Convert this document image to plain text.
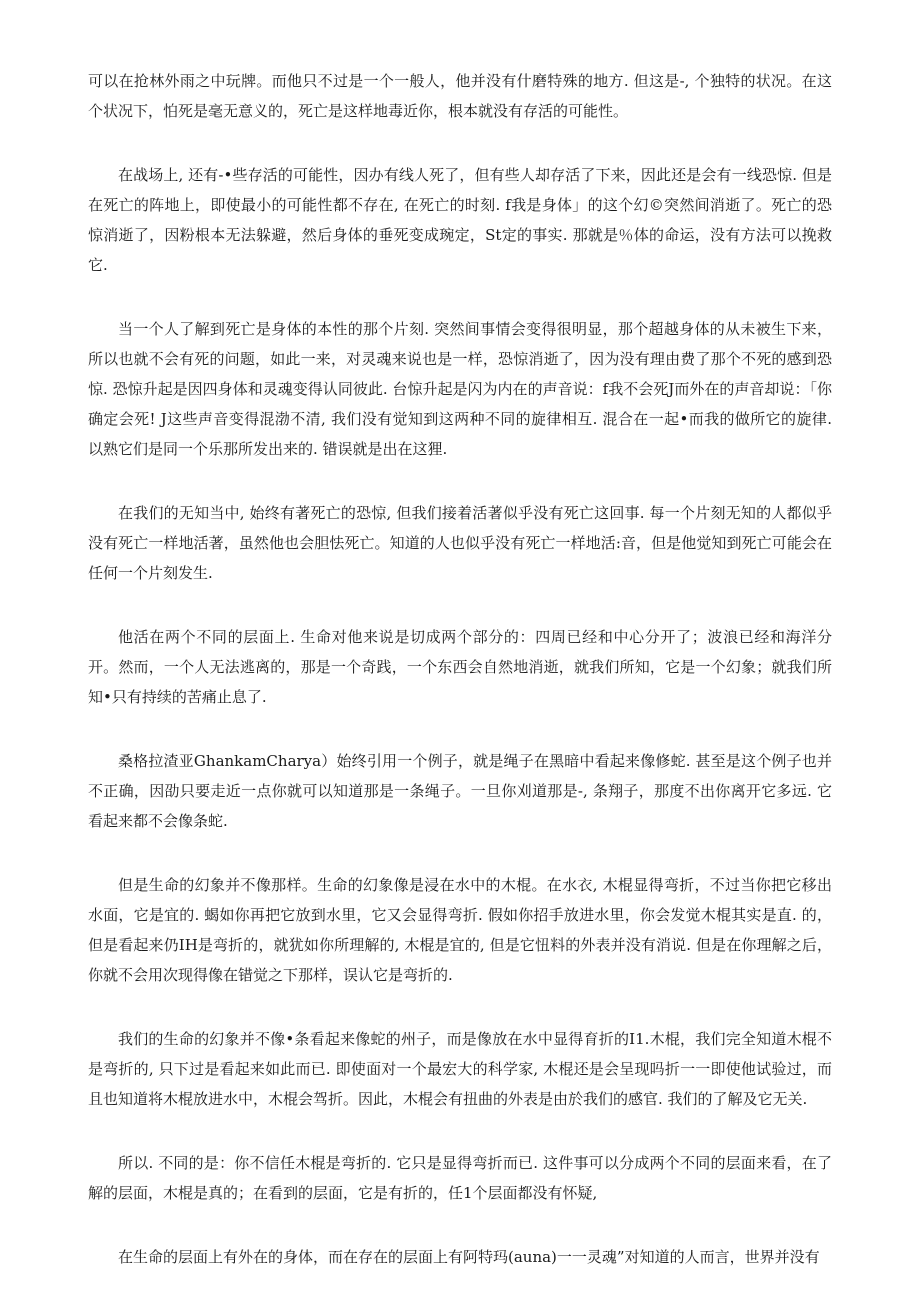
可以在抢林外雨之中玩牌。而他只不过是一个一般人，他并没有什磨特殊的地方. 但这是-, 个独特的状况。在这个状况下，怕死是毫无意义的，死亡是这样地毒近你，根本就没有存活的可能性。

在战场上, 还有-•些存活的可能性，因办有线人死了，但有些人却存活了下来，因此还是会有一线恐惊. 但是在死亡的阵地上，即使最小的可能性都不存在, 在死亡的时刻. f我是身体」的这个幻©突然间消逝了。死亡的恐惊消逝了，因粉根本无法躲避，然后身体的垂死变成琬定，St定的事实. 那就是％体的命运，没有方法可以挽救它.

当一个人了解到死亡是身体的本性的那个片刻. 突然间事情会变得很明显，那个超越身体的从未被生下来，所以也就不会有死的问题，如此一来，对灵魂来说也是一样，恐惊消逝了，因为没有理由费了那个不死的感到恐惊. 恐惊升起是因四身体和灵魂变得认同彼此. 台惊升起是闪为内在的声音说：f我不会死J而外在的声音却说：「你确定会死! J这些声音变得混渤不清, 我们没有觉知到这两种不同的旋律相互. 混合在一起•而我的做所它的旋律. 以熟它们是同一个乐那所发出来的. 错误就是出在这狸.

在我们的无知当中, 始终有著死亡的恐惊, 但我们接着活著似乎没有死亡这回事. 每一个片刻无知的人都似乎没有死亡一样地活著，虽然他也会胆怯死亡。知道的人也似乎没有死亡一样地活:音，但是他觉知到死亡可能会在任何一个片刻发生.

他活在两个不同的层面上. 生命对他来说是切成两个部分的：四周已经和中心分开了；波浪已经和海洋分开。然而，一个人无法逃离的，那是一个奇践，一个东西会自然地消逝，就我们所知，它是一个幻象；就我们所知•只有持续的苦痛止息了.

桑格拉渣亚GhankamCharya）始终引用一个例子，就是绳子在黑暗中看起来像修蛇. 甚至是这个例子也并不正确，因劭只要走近一点你就可以知道那是一条绳子。一旦你刈道那是-, 条翔子，那度不出你离开它多远. 它看起来都不会像条蛇.

但是生命的幻象并不像那样。生命的幻象像是浸在水中的木棍。在水衣, 木棍显得弯折，不过当你把它移出水面，它是宜的. 蝎如你再把它放到水里，它又会显得弯折. 假如你招手放进水里，你会发觉木棍其实是直. 的，但是看起来仍IH是弯折的，就犹如你所理解的, 木棍是宜的, 但是它忸料的外表并没有消说. 但是在你理解之后，你就不会用次现得像在错觉之下那样，误认它是弯折的.

我们的生命的幻象并不像•条看起来像蛇的州子，而是像放在水中显得育折的I1.木棍，我们完全知道木棍不是弯折的, 只下过是看起来如此而已. 即使面对一个最宏大的科学家, 木棍还是会呈现吗折一一即使他试验过，而且也知道将木棍放进水中，木棍会驾折。因此，木棍会有扭曲的外表是由於我们的感官. 我们的了解及它无关.

所以. 不同的是：你不信任木棍是弯折的. 它只是显得弯折而已. 这件事可以分成两个不同的层面来看，在了解的层面，木棍是真的；在看到的层面，它是有折的，任1个层面都没有怀疑,

在生命的层面上有外在的身体，而在存在的层面上有阿特玛(auna)一一灵魂”对知道的人而言，世界并没有
